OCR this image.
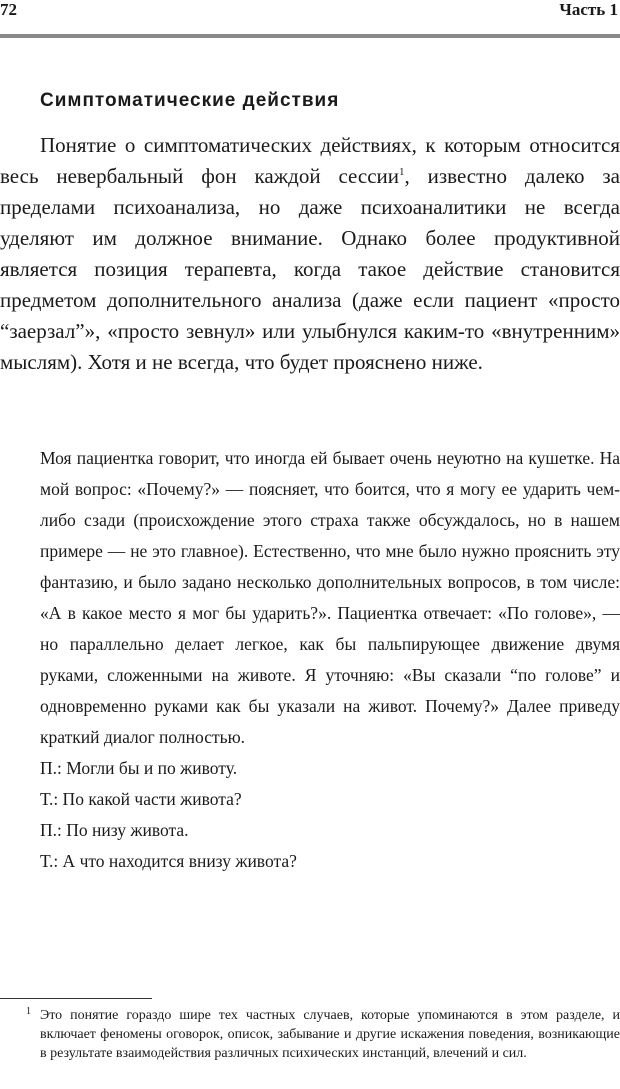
72	Часть 1
Симптоматические действия

Понятие о симптоматических действиях, к которым относится весь невербальный фон каждой сессии$^1$, известно далеко за пределами психоанализа, но даже психоаналитики не всегда уделяют им должное внимание. Однако более продуктивной является позиция терапевта, когда такое действие становится предметом дополнительного анализа (даже если пациент «просто “заерзал”», «просто зевнул» или улыбнулся каким-то «внутренним» мыслям). Хотя и не всегда, что будет прояснено ниже.

Моя пациентка говорит, что иногда ей бывает очень неуютно на кушетке. На мой вопрос: «Почему?» — поясняет, что боится, что я могу ее ударить чем-либо сзади (происхождение этого страха также обсуждалось, но в нашем примере — не это главное). Естественно, что мне было нужно прояснить эту фантазию, и было задано несколько дополнительных вопросов, в том числе: «А в какое место я мог бы ударить?». Пациентка отвечает: «По голове», — но параллельно делает легкое, как бы пальпирующее движение двумя руками, сложенными на животе. Я уточняю: «Вы сказали “по голове” и одновременно руками как бы указали на живот. Почему?» Далее приведу краткий диалог полностью.

П.: Могли бы и по животу.

Т.: По какой части живота?

П.: По низу живота.

Т.: А что находится внизу живота?

1 Это понятие гораздо шире тех частных случаев, которые упоминаются в этом разделе, и включает феномены оговорок, описок, забывание и другие искажения поведения, возникающие в результате взаимодействия различных психических инстанций, влечений и сил.
